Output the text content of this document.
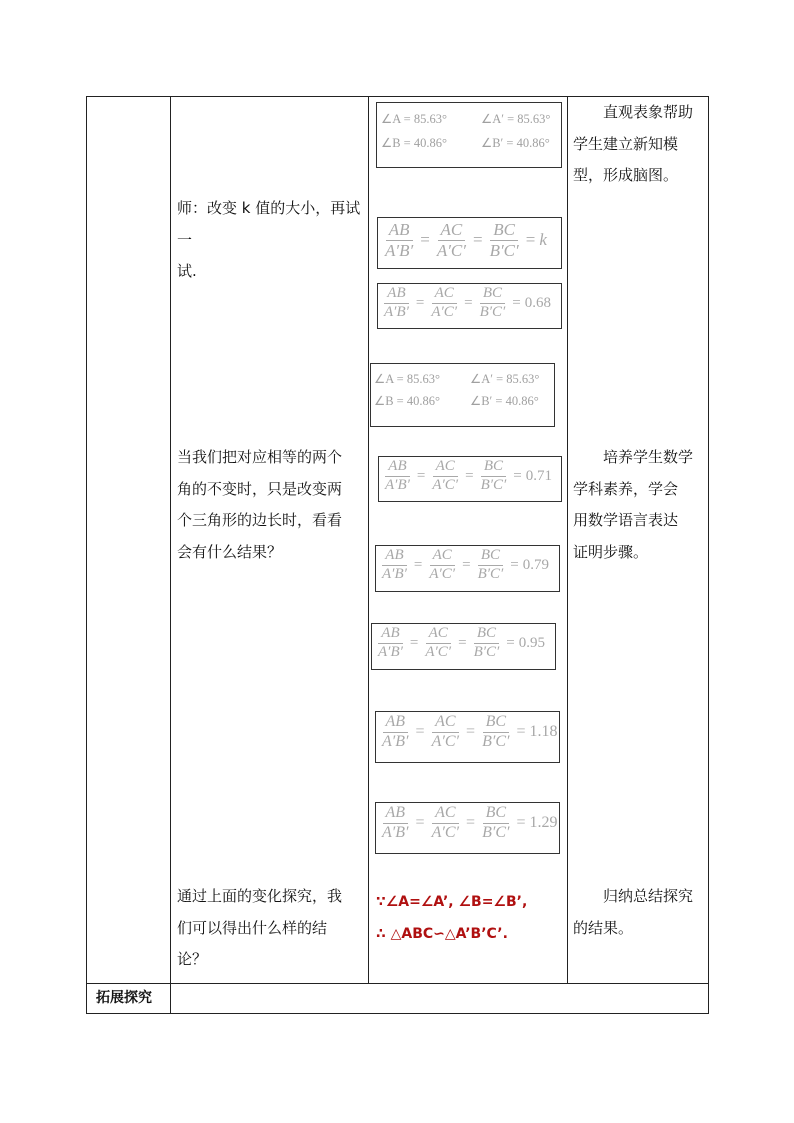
师：改变 k 值的大小，再试一
试.
当我们把对应相等的两个
角的不变时，只是改变两
个三角形的边长时，看看
会有什么结果？
通过上面的变化探究，我
们可以得出什么样的结
论？
∠A = 85.63°	∠A′ = 85.63°
∠B = 40.86°	∠B′ = 40.86°
$\frac{AB}{A'B'} = \frac{AC}{A'C'} = \frac{BC}{B'C'} = k$
$\frac{AB}{A'B'} = \frac{AC}{A'C'} = \frac{BC}{B'C'} = 0.68$
∠A = 85.63° ∠A′ = 85.63°
∠B = 40.86° ∠B′ = 40.86°
$\frac{AB}{A'B'} = \frac{AC}{A'C'} = \frac{BC}{B'C'} = 0.71$
$\frac{AB}{A'B'} = \frac{AC}{A'C'} = \frac{BC}{B'C'} = 0.79$
$\frac{AB}{A'B'} = \frac{AC}{A'C'} = \frac{BC}{B'C'} = 0.95$
$\frac{AB}{A'B'} = \frac{AC}{A'C'} = \frac{BC}{B'C'} = 1.18$
$\frac{AB}{A'B'} = \frac{AC}{A'C'} = \frac{BC}{B'C'} = 1.29$
∵∠A=∠A’, ∠B=∠B’,
∴ △ABC∽△A’B’C’.
直观表象帮助
学生建立新知模
型，形成脑图。
培养学生数学
学科素养，学会
用数学语言表达
证明步骤。
归纳总结探究
的结果。
拓展探究
